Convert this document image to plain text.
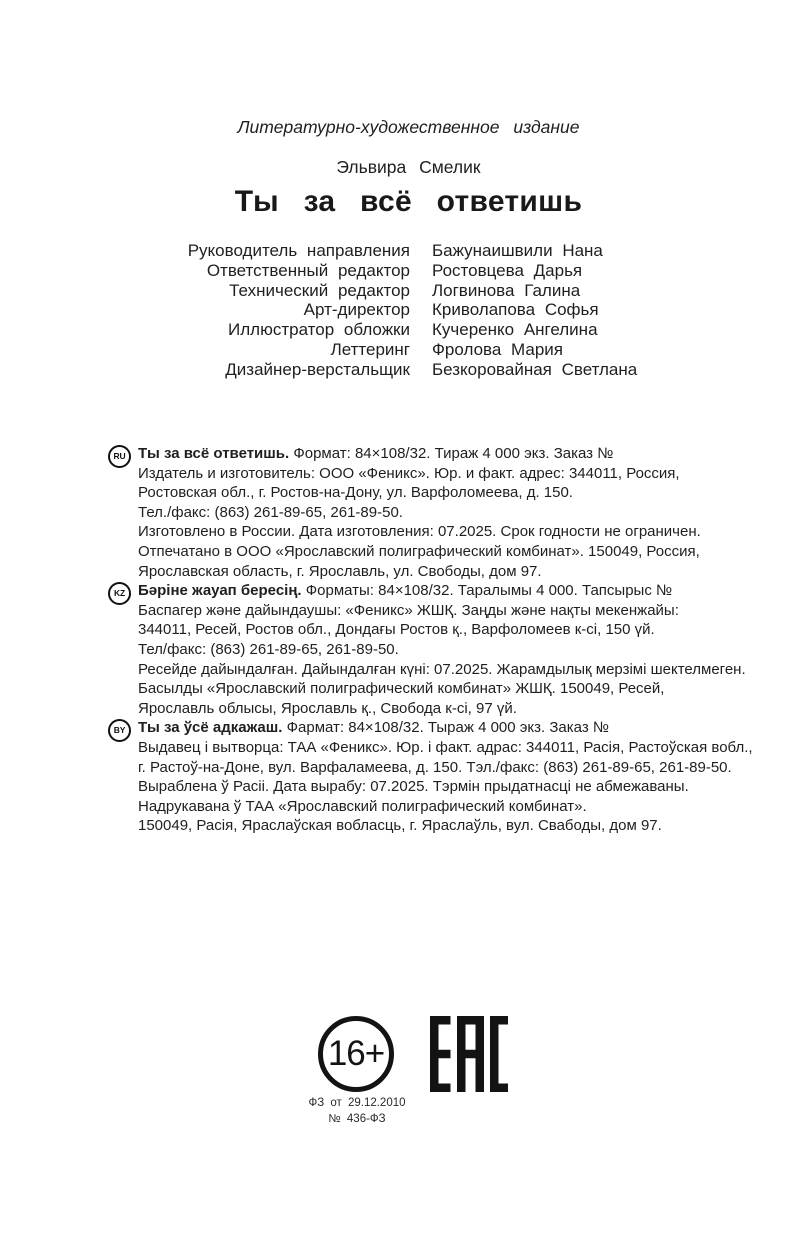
Литературно-художественное издание
Эльвира Смелик
Ты за всё ответишь
Руководитель направления Бажунаишвили Нана
Ответственный редактор Ростовцева Дарья
Технический редактор Логвинова Галина
Арт-директор Криволапова Софья
Иллюстратор обложки Кучеренко Ангелина
Леттеринг Фролова Мария
Дизайнер-верстальщик Безкоровайная Светлана
RU Ты за всё ответишь. Формат: 84×108/32. Тираж 4 000 экз. Заказ №
Издатель и изготовитель: ООО «Феникс». Юр. и факт. адрес: 344011, Россия,
Ростовская обл., г. Ростов-на-Дону, ул. Варфоломеева, д. 150.
Тел./факс: (863) 261-89-65, 261-89-50.
Изготовлено в России. Дата изготовления: 07.2025. Срок годности не ограничен.
Отпечатано в ООО «Ярославский полиграфический комбинат». 150049, Россия,
Ярославская область, г. Ярославль, ул. Свободы, дом 97.
KZ Бәріне жауап бересің. Форматы: 84×108/32. Таралымы 4 000. Тапсырыс №
Баспагер және дайындаушы: «Феникс» ЖШҚ. Заңды және нақты мекенжайы:
344011, Ресей, Ростов обл., Дондағы Ростов қ., Варфоломеев к-сі, 150 үй.
Тел/факс: (863) 261-89-65, 261-89-50.
Ресейде дайындалған. Дайындалған күні: 07.2025. Жарамдылық мерзімі шектелмеген.
Басылды «Ярославский полиграфический комбинат» ЖШҚ. 150049, Ресей,
Ярославль облысы, Ярославль қ., Свобода к-сі, 97 үй.
BY Ты за ўсё адкажаш. Фармат: 84×108/32. Тыраж 4 000 экз. Заказ №
Выдавец і вытворца: ТАА «Феникс». Юр. і факт. адрас: 344011, Расія, Растоўская вобл.,
г. Растоў-на-Доне, вул. Варфаламеева, д. 150. Тэл./факс: (863) 261-89-65, 261-89-50.
Выраблена ў Расіі. Дата вырабу: 07.2025. Тэрмін прыдатнасці не абмежаваны.
Надрукавана ў ТАА «Ярославский полиграфический комбинат».
150049, Расія, Яраслаўская вобласць, г. Яраслаўль, вул. Свабоды, дом 97.
16+
ФЗ от 29.12.2010
№ 436-ФЗ
